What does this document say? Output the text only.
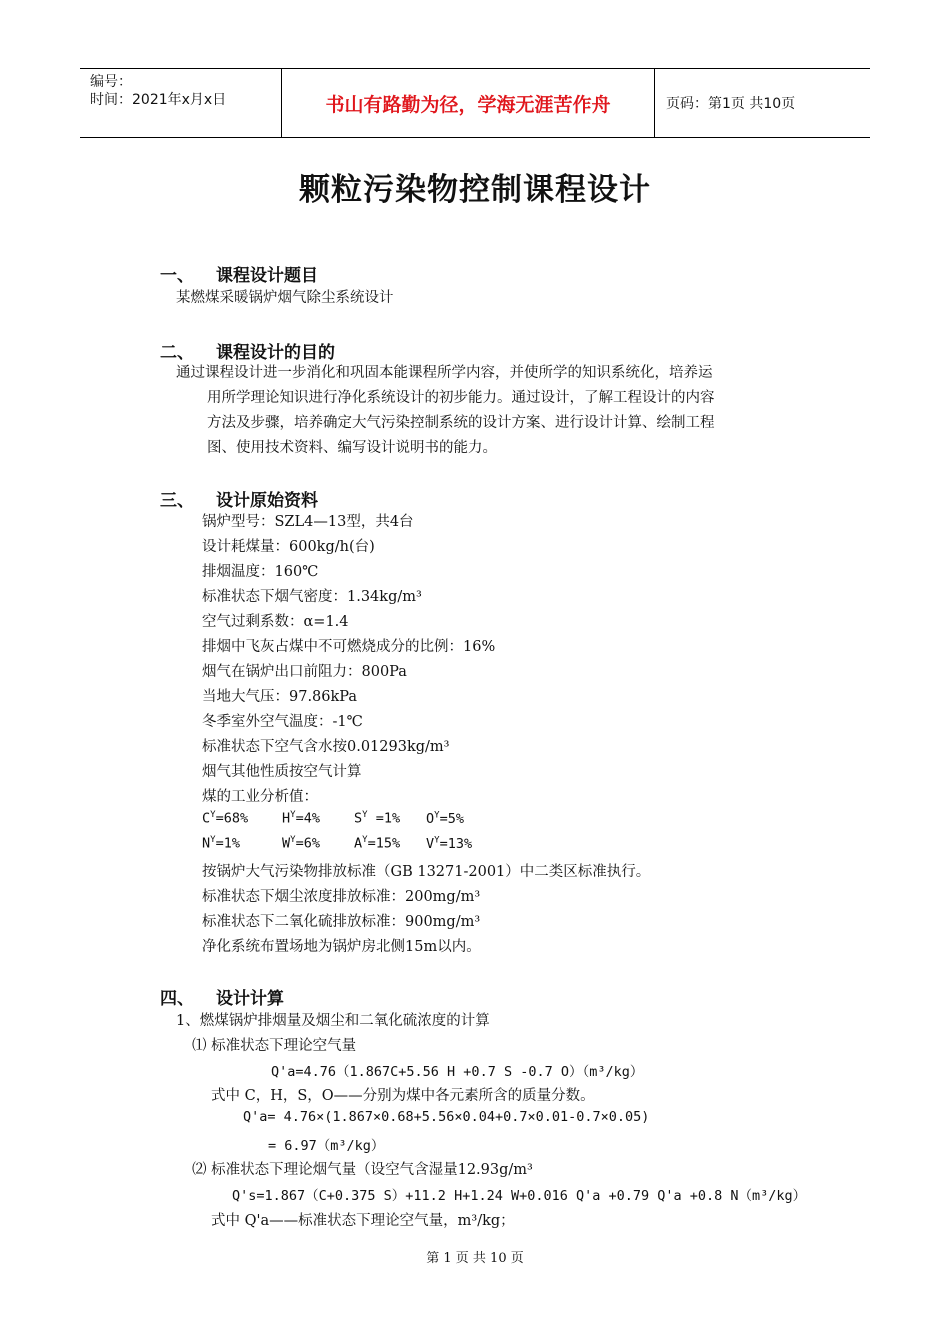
编号：
时间：2021年x月x日	书山有路勤为径，学海无涯苦作舟	页码：第1页 共10页
颗粒污染物控制课程设计
一、 课程设计题目
某燃煤采暖锅炉烟气除尘系统设计
二、 课程设计的目的
通过课程设计进一步消化和巩固本能课程所学内容，并使所学的知识系统化，培养运
用所学理论知识进行净化系统设计的初步能力。通过设计，了解工程设计的内容
方法及步骤，培养确定大气污染控制系统的设计方案、进行设计计算、绘制工程
图、使用技术资料、编写设计说明书的能力。
三、 设计原始资料
锅炉型号：SZL4—13型，共4台
设计耗煤量：600kg/h(台)
排烟温度：160℃
标准状态下烟气密度：1.34kg/m³
空气过剩系数：α=1.4
排烟中飞灰占煤中不可燃烧成分的比例：16%
烟气在锅炉出口前阻力：800Pa
当地大气压：97.86kPa
冬季室外空气温度：-1℃
标准状态下空气含水按0.01293kg/m³
烟气其他性质按空气计算
煤的工业分析值：
$C^Y=68\%$	$H^Y=4\%$	$S^Y =1\%$ $O^Y=5\%$
$N^Y=1\%$	$W^Y=6\%$	$A^Y=15\%$ $V^Y=13\%$
按锅炉大气污染物排放标准（GB 13271-2001）中二类区标准执行。
标准状态下烟尘浓度排放标准：200mg/m³
标准状态下二氧化硫排放标准：900mg/m³
净化系统布置场地为锅炉房北侧15m以内。
四、 设计计算
1、燃煤锅炉排烟量及烟尘和二氧化硫浓度的计算
⑴ 标准状态下理论空气量
Q'a=4.76（1.867C+5.56 H +0.7 S -0.7 O）（m³/kg）
式中 C，H，S，O——分别为煤中各元素所含的质量分数。
Q'a= 4.76×(1.867×0.68+5.56×0.04+0.7×0.01-0.7×0.05)
= 6.97（m³/kg）
⑵ 标准状态下理论烟气量（设空气含湿量12.93g/m³
Q's=1.867（C+0.375 S）+11.2 H+1.24 W+0.016 Q'a +0.79 Q'a +0.8 N（m³/kg）
式中 Q'a——标准状态下理论空气量，m³/kg；
第 1 页 共 10 页
